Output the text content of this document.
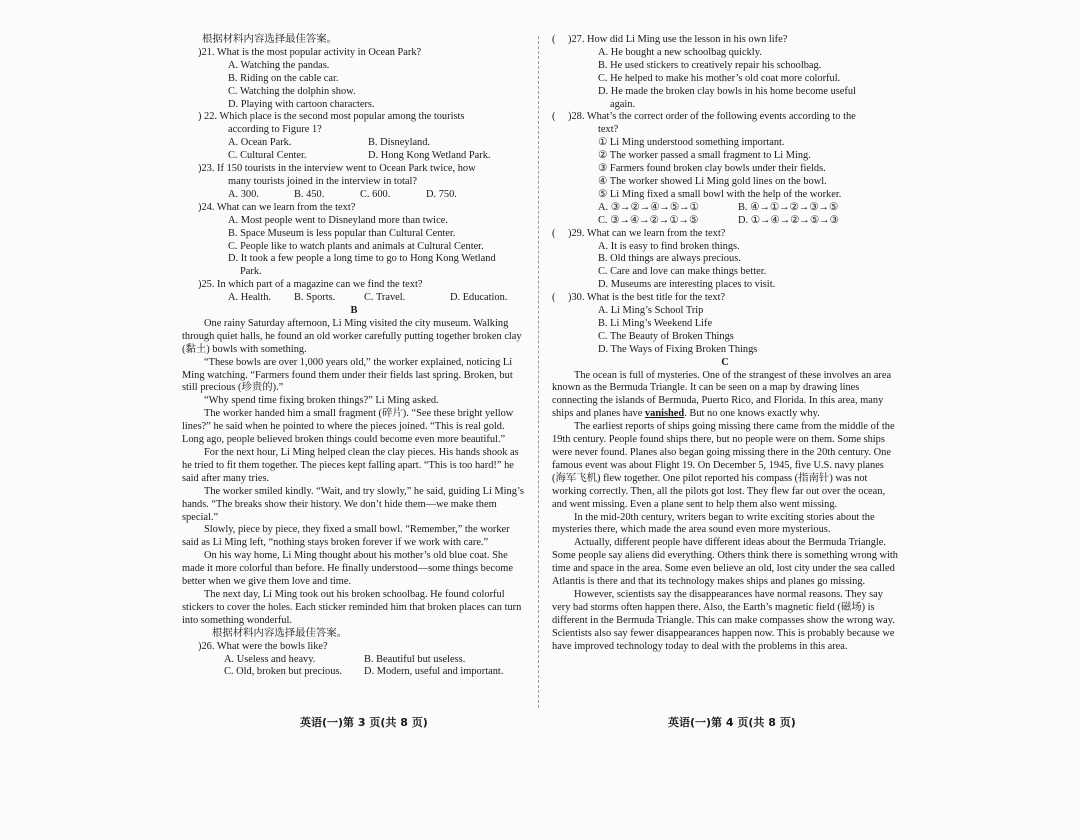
根据材料内容选择最佳答案。
)21. What is the most popular activity in Ocean Park?
A. Watching the pandas.
B. Riding on the cable car.
C. Watching the dolphin show.
D. Playing with cartoon characters.
) 22. Which place is the second most popular among the tourists
according to Figure 1?
A. Ocean Park.	B. Disneyland.
C. Cultural Center.	D. Hong Kong Wetland Park.
)23. If 150 tourists in the interview went to Ocean Park twice, how
many tourists joined in the interview in total?
A. 300.	B. 450.	C. 600.	D. 750.
)24. What can we learn from the text?
A. Most people went to Disneyland more than twice.
B. Space Museum is less popular than Cultural Center.
C. People like to watch plants and animals at Cultural Center.
D. It took a few people a long time to go to Hong Kong Wetland
Park.
)25. In which part of a magazine can we find the text?
A. Health.	B. Sports.	C. Travel.	D. Education.
B
One rainy Saturday afternoon, Li Ming visited the city museum. Walking through quiet halls, he found an old worker carefully putting together broken clay (黏土) bowls with something.
“These bowls are over 1,000 years old,” the worker explained, noticing Li Ming watching. “Farmers found them under their fields last spring. Broken, but still precious (珍贵的).”
“Why spend time fixing broken things?” Li Ming asked.
The worker handed him a small fragment (碎片). “See these bright yellow lines?” he said when he pointed to where the pieces joined. “This is real gold. Long ago, people believed broken things could become even more beautiful.”
For the next hour, Li Ming helped clean the clay pieces. His hands shook as he tried to fit them together. The pieces kept falling apart. “This is too hard!” he said after many tries.
The worker smiled kindly. “Wait, and try slowly,” he said, guiding Li Ming’s hands. “The breaks show their history. We don’t hide them—we make them special.”
Slowly, piece by piece, they fixed a small bowl. “Remember,” the worker said as Li Ming left, “nothing stays broken forever if we work with care.”
On his way home, Li Ming thought about his mother’s old blue coat. She made it more colorful than before. He finally understood—some things become better when we give them love and time.
The next day, Li Ming took out his broken schoolbag. He found colorful stickers to cover the holes. Each sticker reminded him that broken places can turn into something wonderful.
根据材料内容选择最佳答案。
)26. What were the bowls like?
A. Useless and heavy.	B. Beautiful but useless.
C. Old, broken but precious.	D. Modern, useful and important.
( )27. How did Li Ming use the lesson in his own life?
A. He bought a new schoolbag quickly.
B. He used stickers to creatively repair his schoolbag.
C. He helped to make his mother’s old coat more colorful.
D. He made the broken clay bowls in his home become useful
again.
( )28. What’s the correct order of the following events according to the
text?
① Li Ming understood something important.
② The worker passed a small fragment to Li Ming.
③ Farmers found broken clay bowls under their fields.
④ The worker showed Li Ming gold lines on the bowl.
⑤ Li Ming fixed a small bowl with the help of the worker.
A. ③→②→④→⑤→①	B. ④→①→②→③→⑤
C. ③→④→②→①→⑤	D. ①→④→②→⑤→③
( )29. What can we learn from the text?
A. It is easy to find broken things.
B. Old things are always precious.
C. Care and love can make things better.
D. Museums are interesting places to visit.
( )30. What is the best title for the text?
A. Li Ming’s School Trip
B. Li Ming’s Weekend Life
C. The Beauty of Broken Things
D. The Ways of Fixing Broken Things
C
The ocean is full of mysteries. One of the strangest of these involves an area known as the Bermuda Triangle. It can be seen on a map by drawing lines connecting the islands of Bermuda, Puerto Rico, and Florida. In this area, many ships and planes have vanished. But no one knows exactly why.
The earliest reports of ships going missing there came from the middle of the 19th century. People found ships there, but no people were on them. Some ships were never found. Planes also began going missing there in the 20th century. One famous event was about Flight 19. On December 5, 1945, five U.S. navy planes (海军飞机) flew together. One pilot reported his compass (指南针) was not working correctly. Then, all the pilots got lost. They flew far out over the ocean, and went missing. Even a plane sent to help them also went missing.
In the mid-20th century, writers began to write exciting stories about the mysteries there, which made the area sound even more mysterious.
Actually, different people have different ideas about the Bermuda Triangle. Some people say aliens did everything. Others think there is something wrong with time and space in the area. Some even believe an old, lost city under the sea called Atlantis is there and that its technology makes ships and planes go missing.
However, scientists say the disappearances have normal reasons. They say very bad storms often happen there. Also, the Earth’s magnetic field (磁场) is different in the Bermuda Triangle. This can make compasses show the wrong way. Scientists also say fewer disappearances happen now. This is probably because we have improved technology today to deal with the problems in this area.
英语(一)第 3 页(共 8 页)	英语(一)第 4 页(共 8 页)
